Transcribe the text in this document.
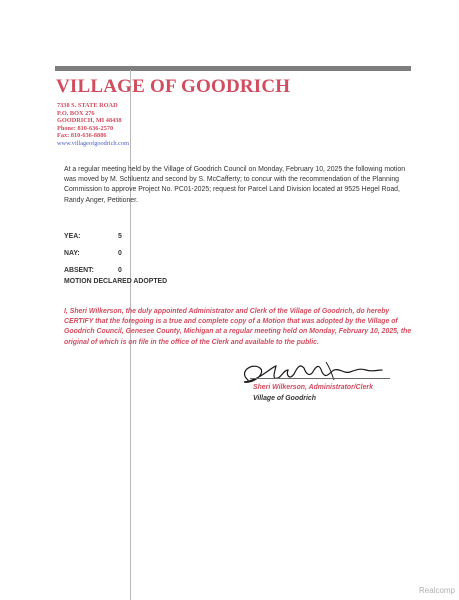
VILLAGE OF GOODRICH
7338 S. STATE ROAD
P.O. BOX 276
GOODRICH, MI 48438
Phone: 810-636-2570
Fax: 810-636-8886
www.villageofgoodrich.com

At a regular meeting held by the Village of Goodrich Council on Monday, February 10, 2025 the following motion was moved by M. Schluentz and second by S. McCafferty; to concur with the recommendation of the Planning Commission to approve Project No. PC01-2025; request for Parcel Land Division located at 9525 Hegel Road, Randy Anger, Petitioner.

YEA:	5
NAY:	0
ABSENT:	0
MOTION DECLARED ADOPTED

I, Sheri Wilkerson, the duly appointed Administrator and Clerk of the Village of Goodrich, do hereby CERTIFY that the foregoing is a true and complete copy of a Motion that was adopted by the Village of Goodrich Council, Genesee County, Michigan at a regular meeting held on Monday, February 10, 2025, the original of which is on file in the office of the Clerk and available to the public.

Sheri Wilkerson, Administrator/Clerk
Village of Goodrich
Realcomp
